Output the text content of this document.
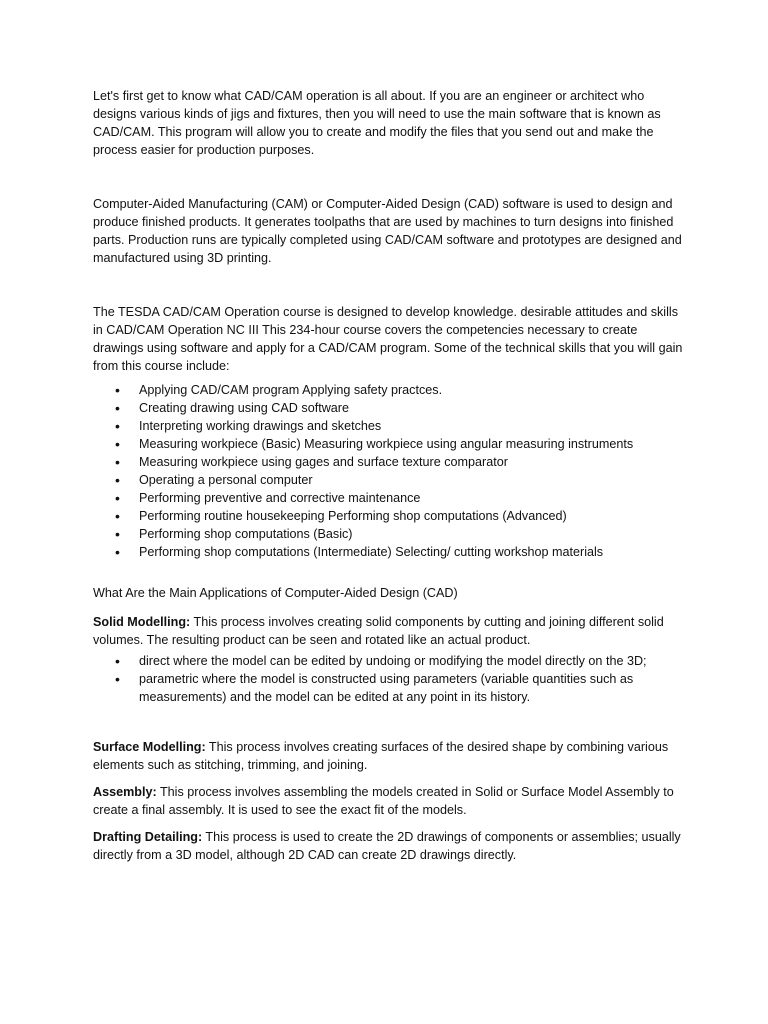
Let's first get to know what CAD/CAM operation is all about. If you are an engineer or architect who designs various kinds of jigs and fixtures, then you will need to use the main software that is known as CAD/CAM. This program will allow you to create and modify the files that you send out and make the process easier for production purposes.

Computer-Aided Manufacturing (CAM) or Computer-Aided Design (CAD) software is used to design and produce finished products. It generates toolpaths that are used by machines to turn designs into finished parts. Production runs are typically completed using CAD/CAM software and prototypes are designed and manufactured using 3D printing.

The TESDA CAD/CAM Operation course is designed to develop knowledge. desirable attitudes and skills in CAD/CAM Operation NC III This 234-hour course covers the competencies necessary to create drawings using software and apply for a CAD/CAM program. Some of the technical skills that you will gain from this course include:

• Applying CAD/CAM program Applying safety practces.
• Creating drawing using CAD software
• Interpreting working drawings and sketches
• Measuring workpiece (Basic) Measuring workpiece using angular measuring instruments
• Measuring workpiece using gages and surface texture comparator
• Operating a personal computer
• Performing preventive and corrective maintenance
• Performing routine housekeeping Performing shop computations (Advanced)
• Performing shop computations (Basic)
• Performing shop computations (Intermediate) Selecting/ cutting workshop materials

What Are the Main Applications of Computer-Aided Design (CAD)

Solid Modelling: This process involves creating solid components by cutting and joining different solid volumes. The resulting product can be seen and rotated like an actual product.

• direct where the model can be edited by undoing or modifying the model directly on the 3D;
• parametric where the model is constructed using parameters (variable quantities such as measurements) and the model can be edited at any point in its history.

Surface Modelling: This process involves creating surfaces of the desired shape by combining various elements such as stitching, trimming, and joining.

Assembly: This process involves assembling the models created in Solid or Surface Model Assembly to create a final assembly. It is used to see the exact fit of the models.

Drafting Detailing: This process is used to create the 2D drawings of components or assemblies; usually directly from a 3D model, although 2D CAD can create 2D drawings directly.
